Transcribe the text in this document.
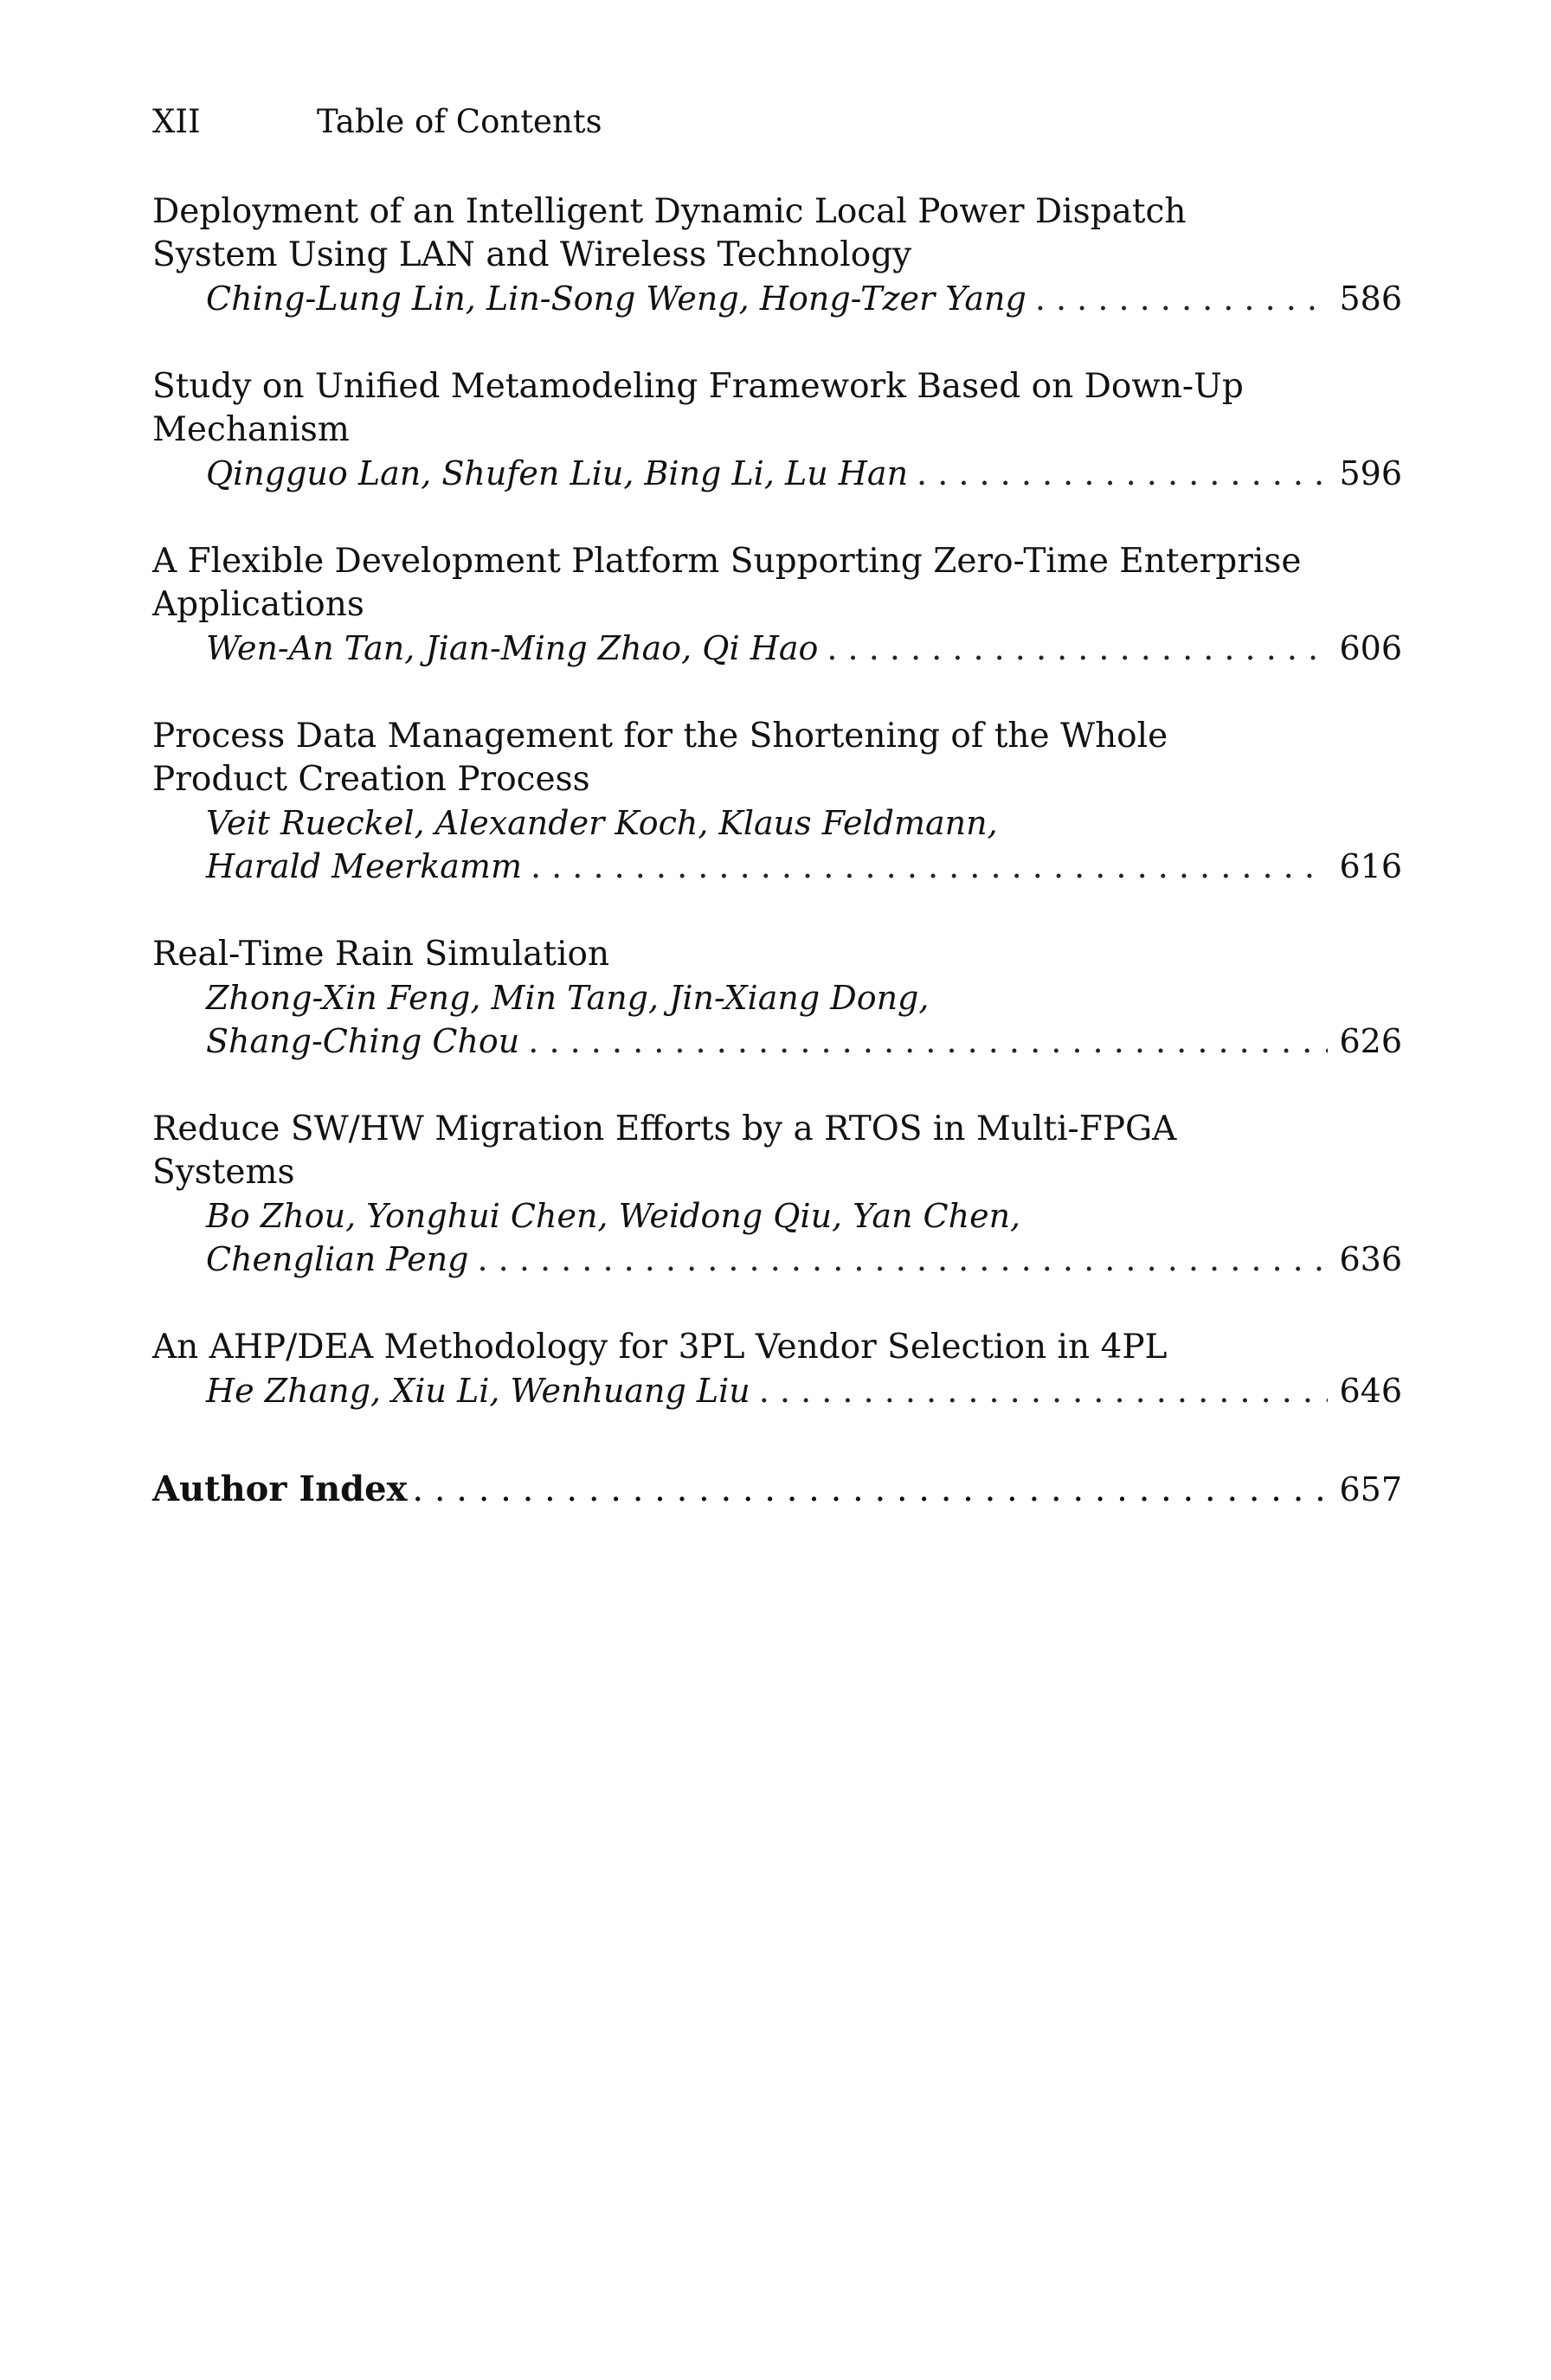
XII	Table of Contents
Deployment of an Intelligent Dynamic Local Power Dispatch System Using LAN and Wireless Technology
Ching-Lung Lin, Lin-Song Weng, Hong-Tzer Yang . . .	586
Study on Unified Metamodeling Framework Based on Down-Up Mechanism
Qingguo Lan, Shufen Liu, Bing Li, Lu Han . . .	596
A Flexible Development Platform Supporting Zero-Time Enterprise Applications
Wen-An Tan, Jian-Ming Zhao, Qi Hao . . .	606
Process Data Management for the Shortening of the Whole Product Creation Process
Veit Rueckel, Alexander Koch, Klaus Feldmann,
Harald Meerkamm . . .	616
Real-Time Rain Simulation
Zhong-Xin Feng, Min Tang, Jin-Xiang Dong,
Shang-Ching Chou . . .	626
Reduce SW/HW Migration Efforts by a RTOS in Multi-FPGA Systems
Bo Zhou, Yonghui Chen, Weidong Qiu, Yan Chen,
Chenglian Peng . . .	636
An AHP/DEA Methodology for 3PL Vendor Selection in 4PL
He Zhang, Xiu Li, Wenhuang Liu . . .	646
Author Index . . .	657
